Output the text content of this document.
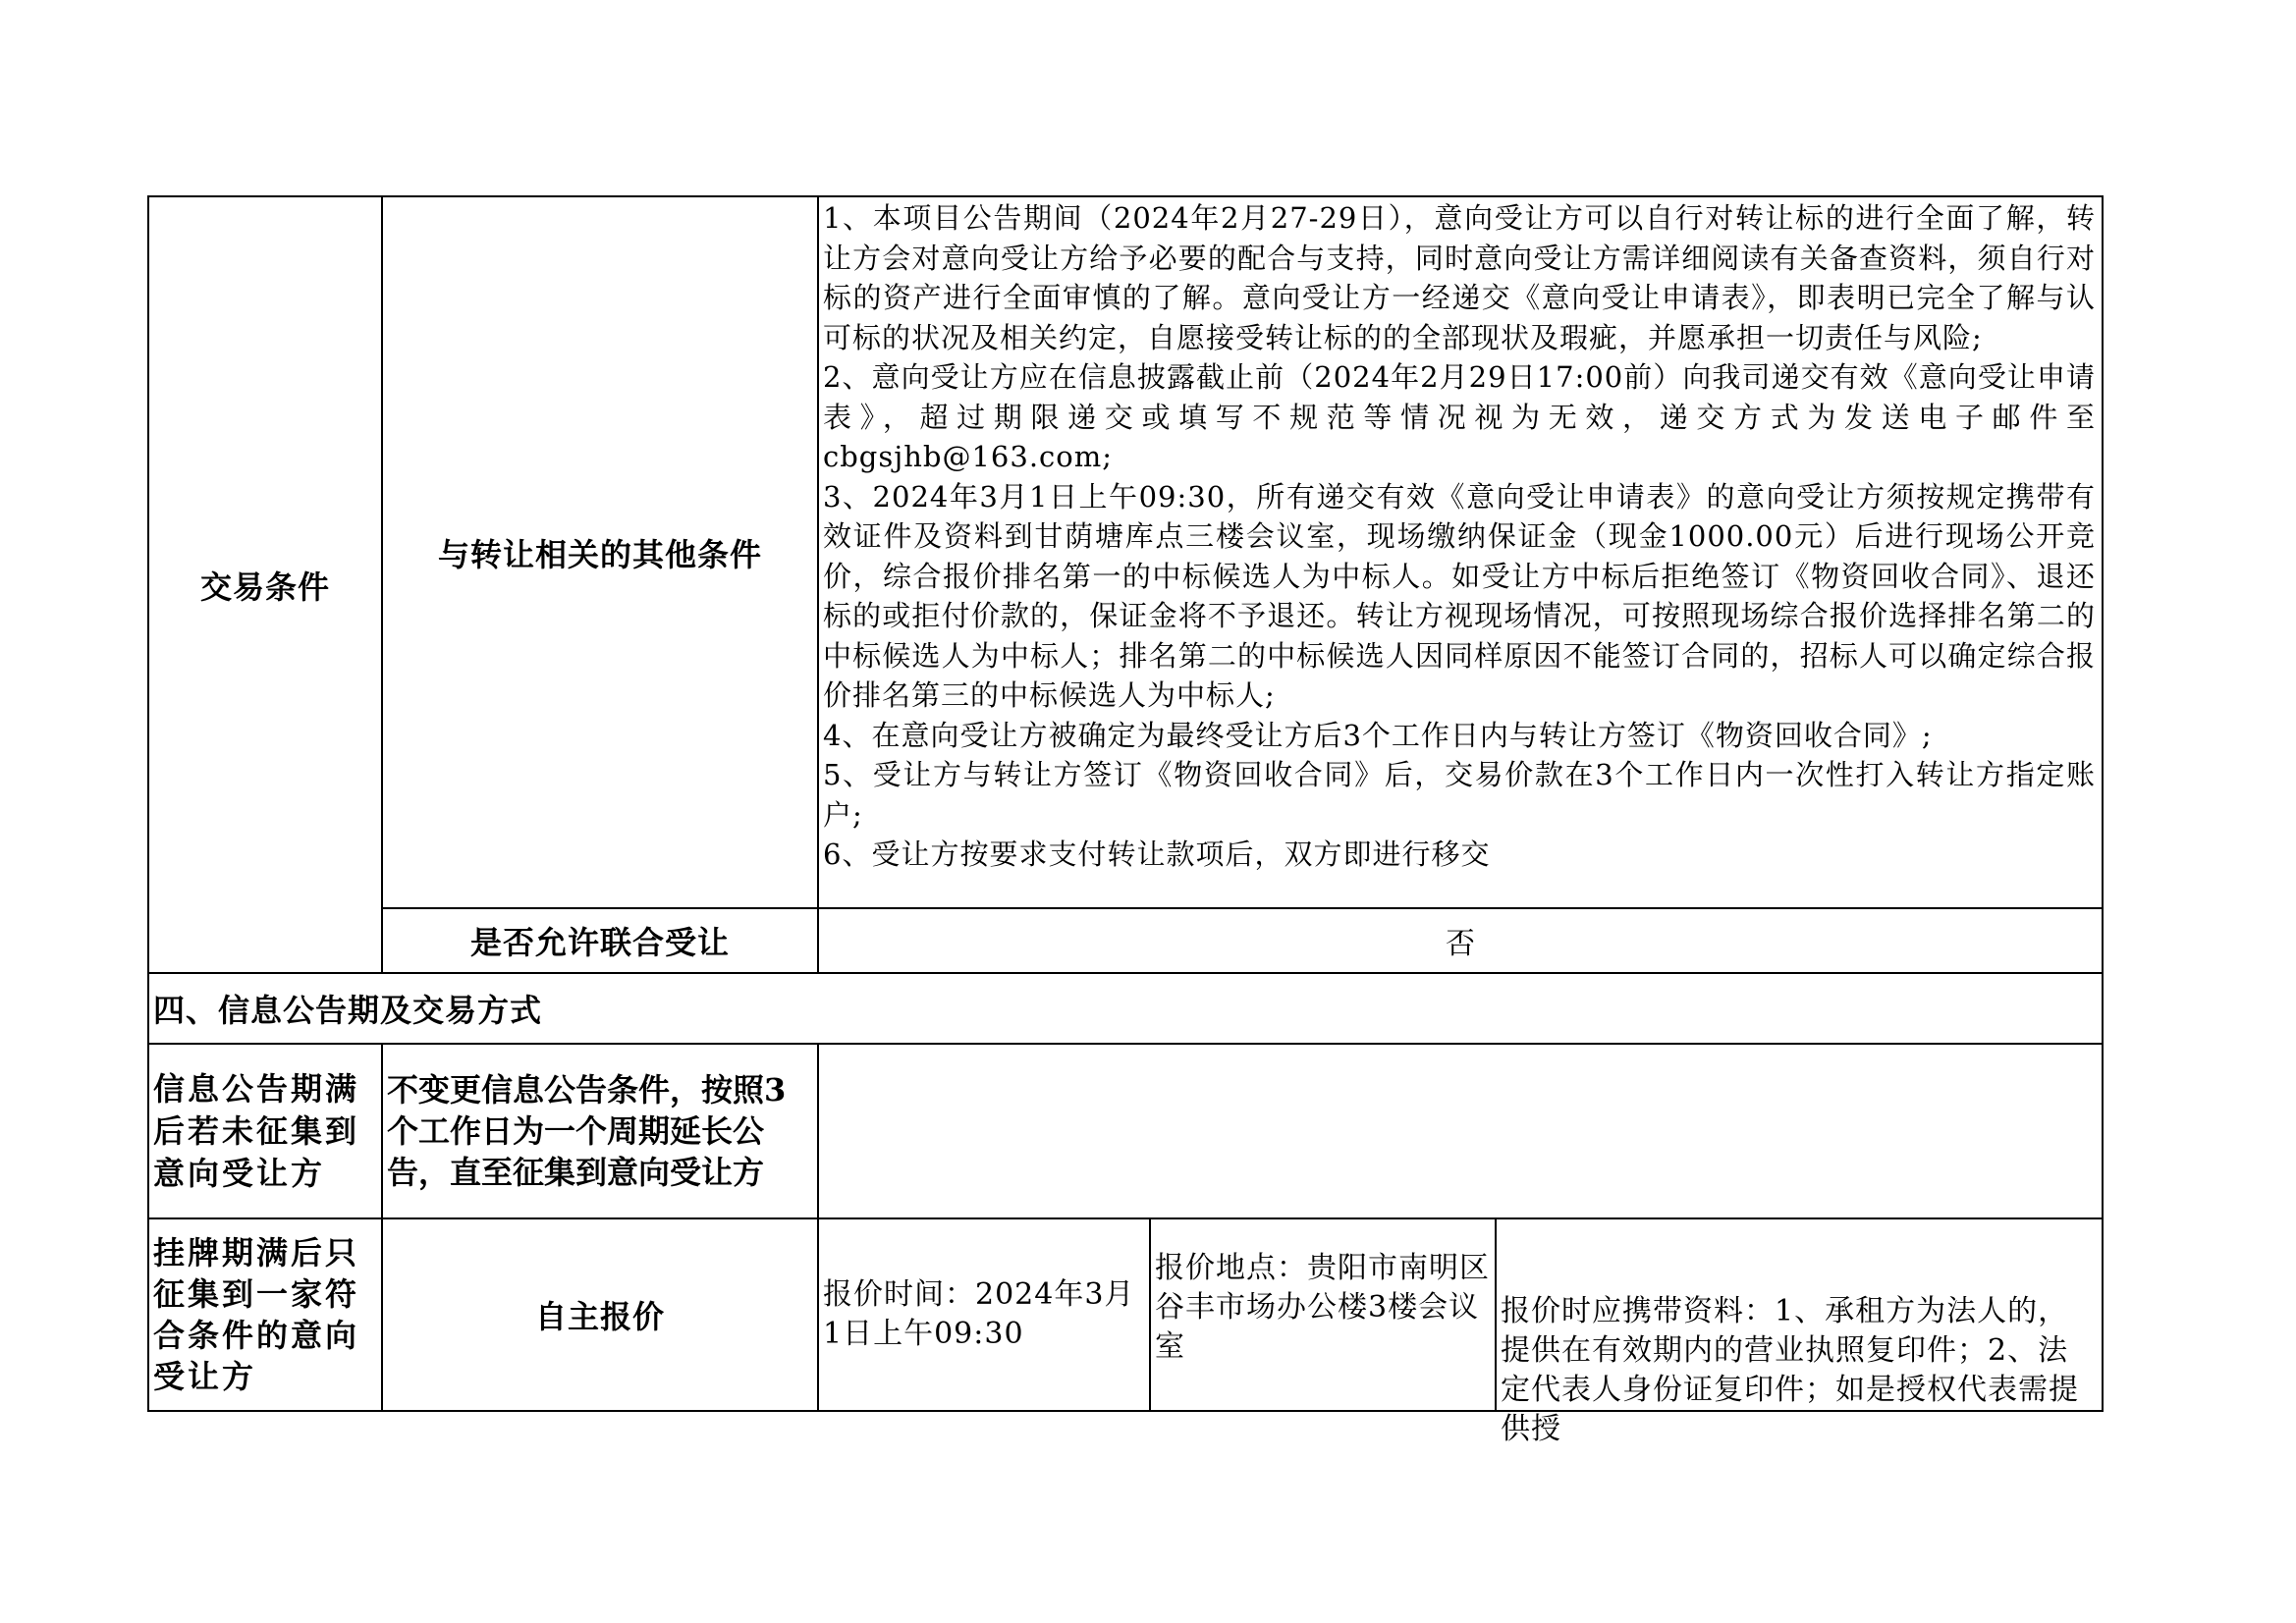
交易条件
与转让相关的其他条件

1、本项目公告期间（2024年2月27-29日），意向受让方可以自行对转让标的进行全面了解，转让方会对意向受让方给予必要的配合与支持，同时意向受让方需详细阅读有关备查资料，须自行对标的资产进行全面审慎的了解。意向受让方一经递交《意向受让申请表》，即表明已完全了解与认可标的状况及相关约定，自愿接受转让标的的全部现状及瑕疵，并愿承担一切责任与风险;

2、意向受让方应在信息披露截止前（2024年2月29日17:00前）向我司递交有效《意向受让申请表》，超过期限递交或填写不规范等情况视为无效，递交方式为发送电子邮件至cbgsjhb@163.com;

3、2024年3月1日上午09:30，所有递交有效《意向受让申请表》的意向受让方须按规定携带有效证件及资料到甘荫塘库点三楼会议室，现场缴纳保证金（现金1000.00元）后进行现场公开竞价，综合报价排名第一的中标候选人为中标人。如受让方中标后拒绝签订《物资回收合同》、退还标的或拒付价款的，保证金将不予退还。转让方视现场情况，可按照现场综合报价选择排名第二的中标候选人为中标人；排名第二的中标候选人因同样原因不能签订合同的，招标人可以确定综合报价排名第三的中标候选人为中标人;

4、在意向受让方被确定为最终受让方后3个工作日内与转让方签订《物资回收合同》;

5、受让方与转让方签订《物资回收合同》后，交易价款在3个工作日内一次性打入转让方指定账户;

6、受让方按要求支付转让款项后，双方即进行移交

是否允许联合受让	否
四、信息公告期及交易方式
信息公告期满后若未征集到意向受让方
不变更信息公告条件，按照3个工作日为一个周期延长公告，直至征集到意向受让方
挂牌期满后只征集到一家符合条件的意向受让方
自主报价
报价时间：2024年3月1日上午09:30
报价地点：贵阳市南明区谷丰市场办公楼3楼会议室
报价时应携带资料：1、承租方为法人的，提供在有效期内的营业执照复印件；2、法定代表人身份证复印件；如是授权代表需提供授
